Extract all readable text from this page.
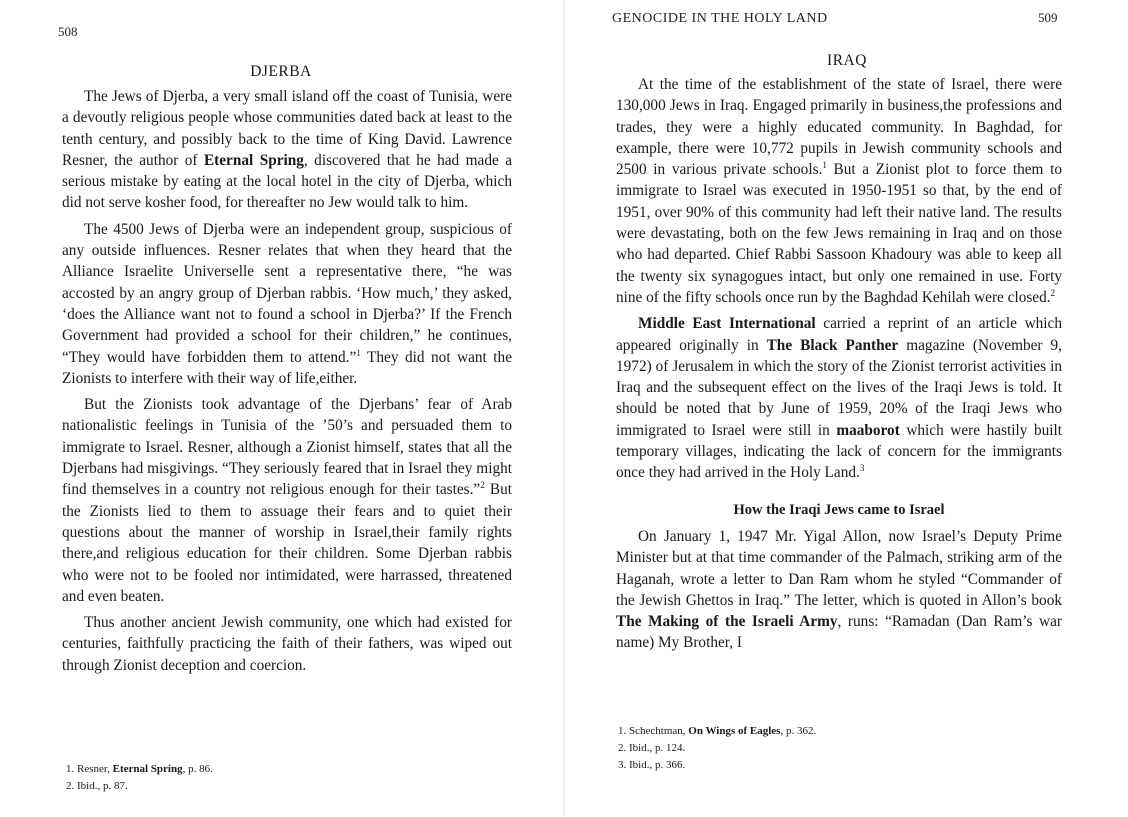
508
DJERBA

The Jews of Djerba, a very small island off the coast of Tunisia, were a devoutly religious people whose communities dated back at least to the tenth century, and possibly back to the time of King David. Lawrence Resner, the author of Eternal Spring, discovered that he had made a serious mistake by eating at the local hotel in the city of Djerba, which did not serve kosher food, for thereafter no Jew would talk to him.

The 4500 Jews of Djerba were an independent group, suspicious of any outside influences. Resner relates that when they heard that the Alliance Israelite Universelle sent a representative there, “he was accosted by an angry group of Djerban rabbis. ‘How much,’ they asked, ‘does the Alliance want not to found a school in Djerba?’ If the French Government had provided a school for their children,” he continues, “They would have forbidden them to attend.”$^1$ They did not want the Zionists to interfere with their way of life,either.

But the Zionists took advantage of the Djerbans’ fear of Arab nationalistic feelings in Tunisia of the ’50’s and persuaded them to immigrate to Israel. Resner, although a Zionist himself, states that all the Djerbans had misgivings. “They seriously feared that in Israel they might find themselves in a country not religious enough for their tastes.”$^2$ But the Zionists lied to them to assuage their fears and to quiet their questions about the manner of worship in Israel,their family rights there,and religious education for their children. Some Djerban rabbis who were not to be fooled nor intimidated, were harrassed, threatened and even beaten.

Thus another ancient Jewish community, one which had existed for centuries, faithfully practicing the faith of their fathers, was wiped out through Zionist deception and coercion.

1. Resner, Eternal Spring, p. 86.
2. Ibid., p. 87.
GENOCIDE IN THE HOLY LAND	509
IRAQ

At the time of the establishment of the state of Israel, there were 130,000 Jews in Iraq. Engaged primarily in business,the professions and trades, they were a highly educated community. In Baghdad, for example, there were 10,772 pupils in Jewish community schools and 2500 in various private schools.$^1$ But a Zionist plot to force them to immigrate to Israel was executed in 1950-1951 so that, by the end of 1951, over 90% of this community had left their native land. The results were devastating, both on the few Jews remaining in Iraq and on those who had departed. Chief Rabbi Sassoon Khadoury was able to keep all the twenty six synagogues intact, but only one remained in use. Forty nine of the fifty schools once run by the Baghdad Kehilah were closed.$^2$

Middle East International carried a reprint of an article which appeared originally in The Black Panther magazine (November 9, 1972) of Jerusalem in which the story of the Zionist terrorist activities in Iraq and the subsequent effect on the lives of the Iraqi Jews is told. It should be noted that by June of 1959, 20% of the Iraqi Jews who immigrated to Israel were still in maaborot which were hastily built temporary villages, indicating the lack of concern for the immigrants once they had arrived in the Holy Land.$^3$

How the Iraqi Jews came to Israel

On January 1, 1947 Mr. Yigal Allon, now Israel’s Deputy Prime Minister but at that time commander of the Palmach, striking arm of the Haganah, wrote a letter to Dan Ram whom he styled “Commander of the Jewish Ghettos in Iraq.” The letter, which is quoted in Allon’s book The Making of the Israeli Army, runs: “Ramadan (Dan Ram’s war name) My Brother, I

1. Schechtman, On Wings of Eagles, p. 362.
2. Ibid., p. 124.
3. Ibid., p. 366.
